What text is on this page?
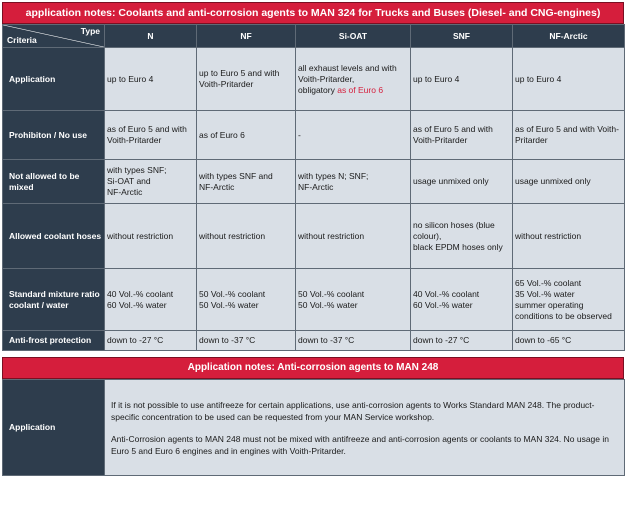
application notes: Coolants and anti-corrosion agents to MAN 324 for Trucks and Buses (Diesel- and CNG-engines)
Type
Criteria	N	NF	Si-OAT	SNF	NF-Arctic
Application	up to Euro 4	up to Euro 5 and with Voith-Pritarder	all exhaust levels and with Voith-Pritarder,
obligatory as of Euro 6	up to Euro 4	up to Euro 4
Prohibiton / No use	as of Euro 5 and with Voith-Pritarder	as of Euro 6	-	as of Euro 5 and with Voith-Pritarder	as of Euro 5 and with Voith-Pritarder
Not allowed to be mixed	with types SNF;
Si-OAT and
NF-Arctic	with types SNF and
NF-Arctic	with types N; SNF;
NF-Arctic	usage unmixed only	usage unmixed only
Allowed coolant hoses	without restriction	without restriction	without restriction	no silicon hoses (blue colour),
black EPDM hoses only	without restriction
Standard mixture ratio coolant / water	40 Vol.-% coolant
60 Vol.-% water	50 Vol.-% coolant
50 Vol.-% water	50 Vol.-% coolant
50 Vol.-% water	40 Vol.-% coolant
60 Vol.-% water	65 Vol.-% coolant
35 Vol.-% water
summer operating conditions to be observed
Anti-frost protection	down to -27 °C	down to -37 °C	down to -37 °C	down to -27 °C	down to -65 °C
Application notes: Anti-corrosion agents to MAN 248
Application	

If it is not possible to use antifreeze for certain applications, use anti-corrosion agents to Works Standard MAN 248. The product-specific concentration to be used can be requested from your MAN Service workshop.

Anti-Corrosion agents to MAN 248 must not be mixed with antifreeze and anti-corrosion agents or coolants to MAN 324. No usage in Euro 5 and Euro 6 engines and in engines with Voith-Pritarder.
